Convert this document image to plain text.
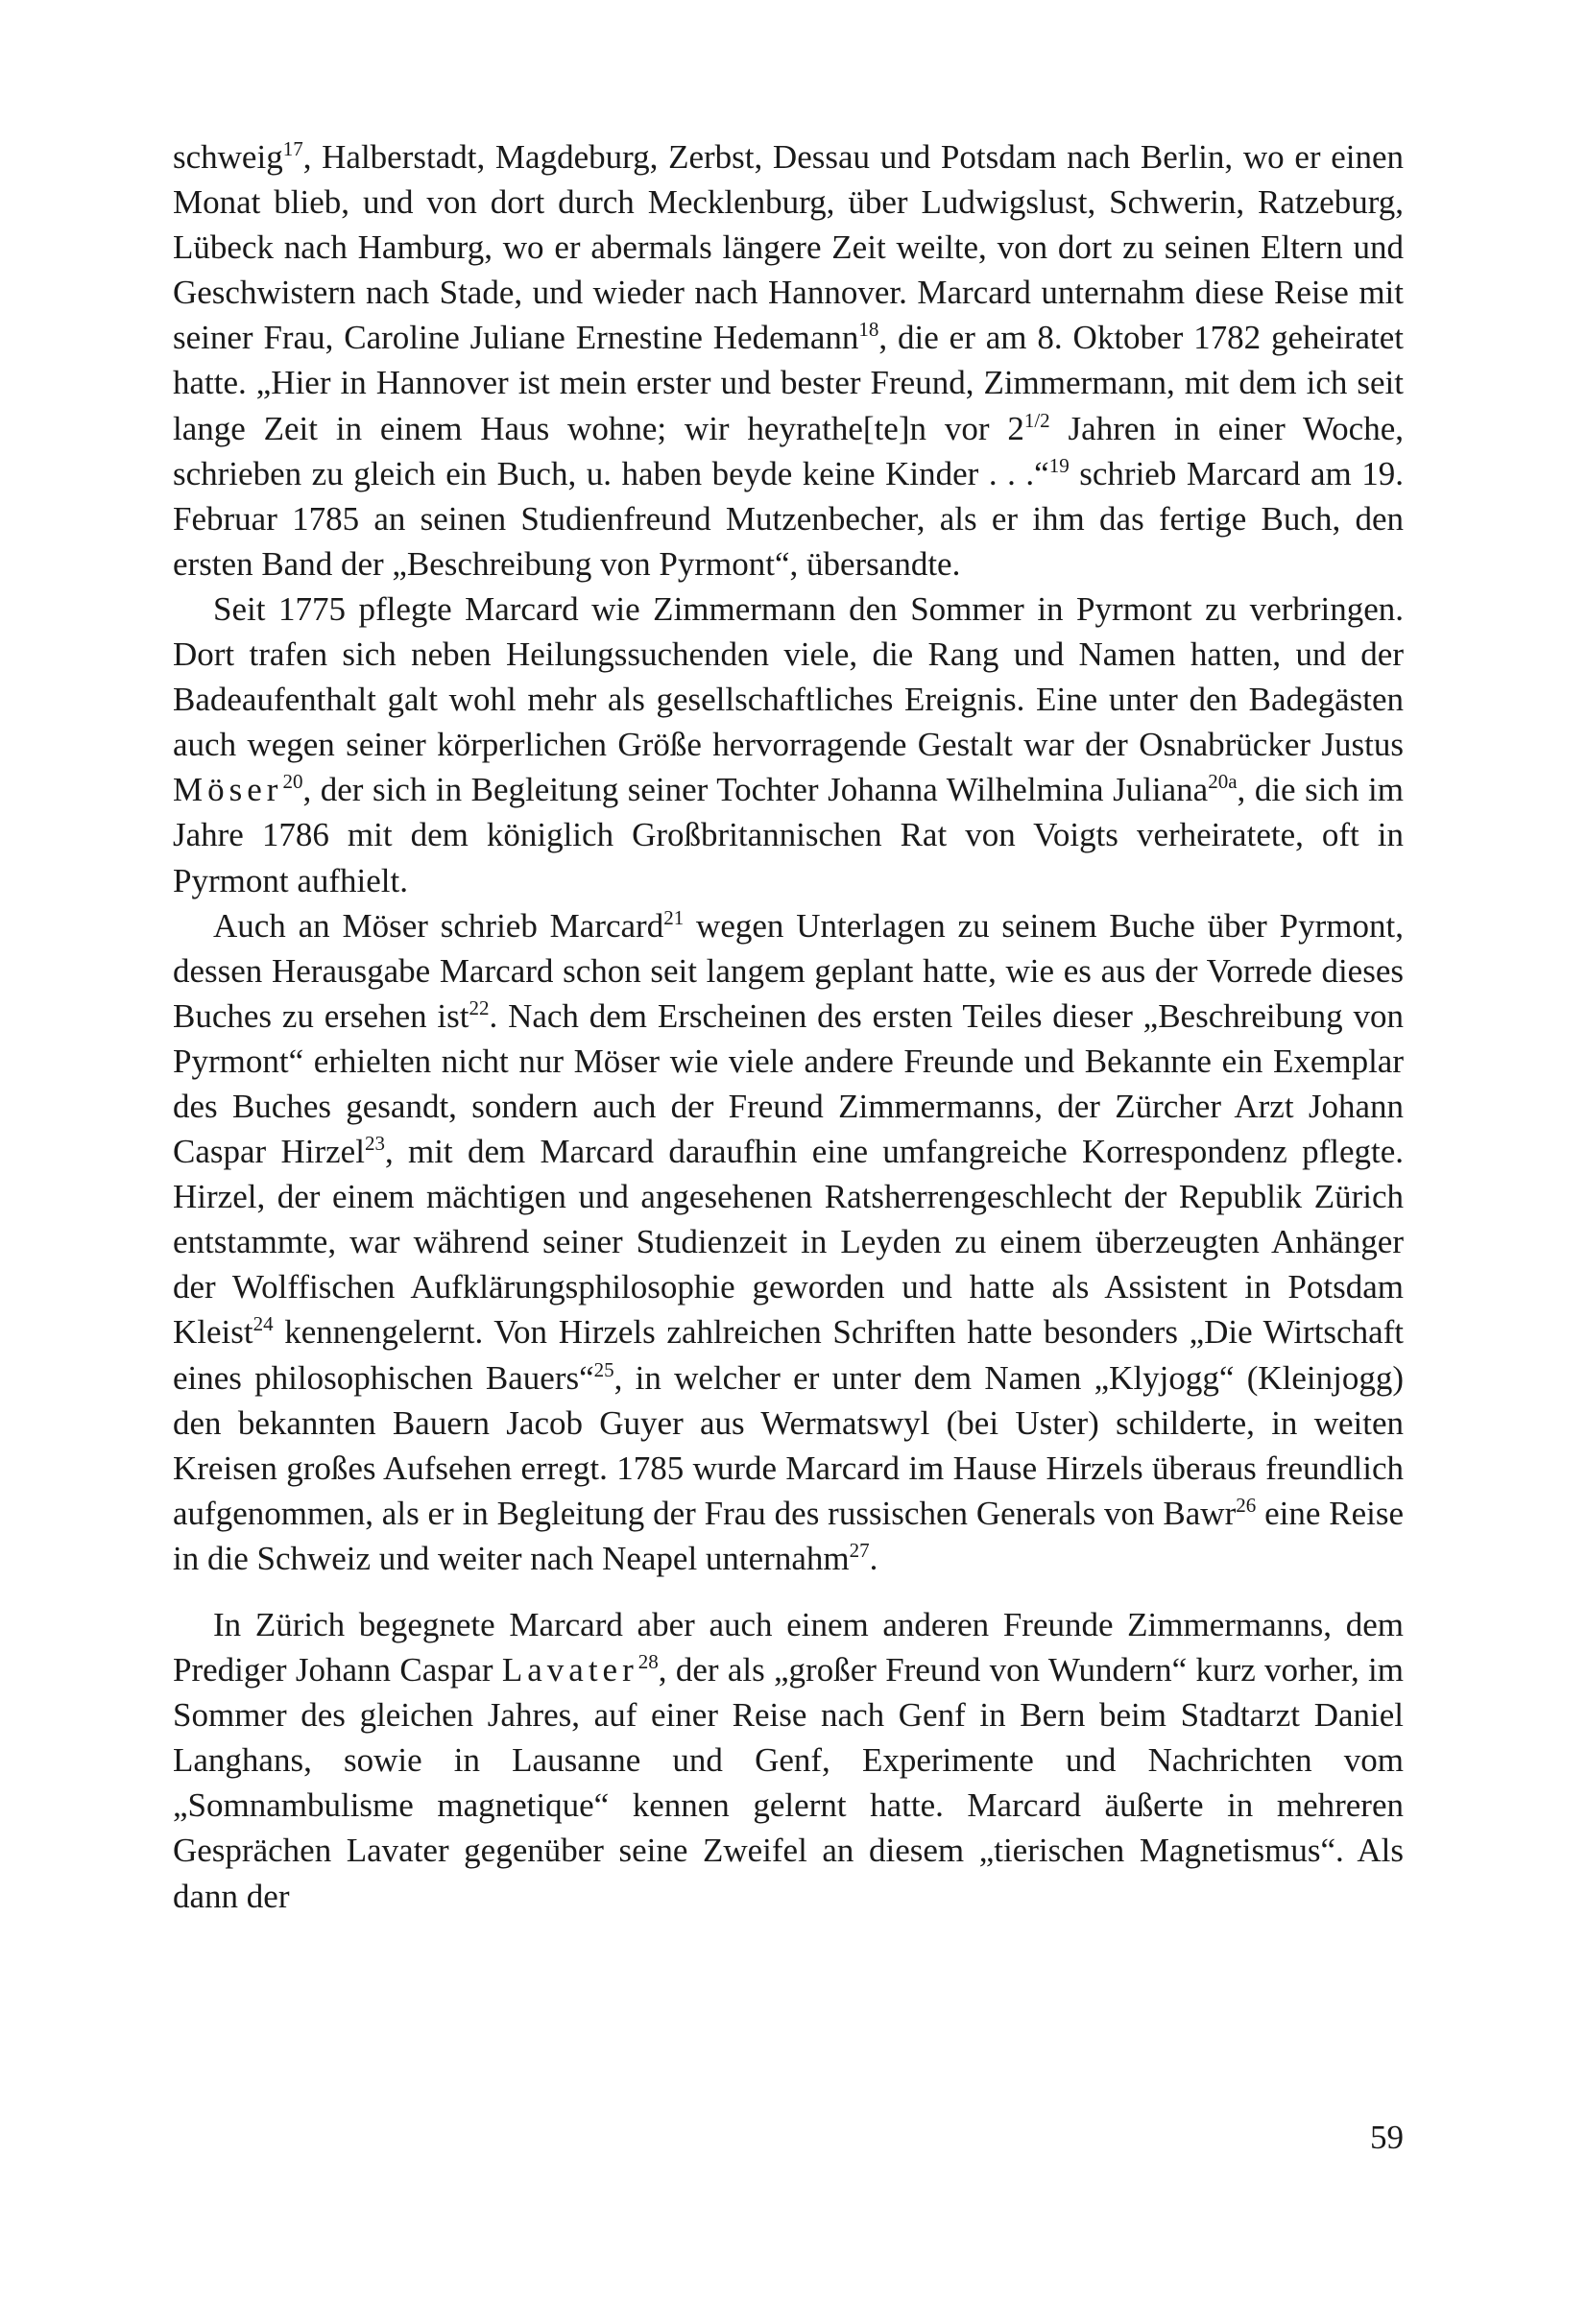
schweig$^{17}$, Halberstadt, Magdeburg, Zerbst, Dessau und Potsdam nach Berlin, wo er einen Monat blieb, und von dort durch Mecklenburg, über Ludwigslust, Schwerin, Ratzeburg, Lübeck nach Hamburg, wo er abermals längere Zeit weilte, von dort zu seinen Eltern und Geschwistern nach Stade, und wieder nach Hannover. Marcard unternahm diese Reise mit seiner Frau, Caroline Juliane Ernestine Hedemann$^{18}$, die er am 8. Oktober 1782 geheiratet hatte. „Hier in Hannover ist mein erster und bester Freund, Zimmermann, mit dem ich seit lange Zeit in einem Haus wohne; wir heyrathe[te]n vor $2^{1/2}$ Jahren in einer Woche, schrieben zu gleich ein Buch, u. haben beyde keine Kinder . . .“$^{19}$ schrieb Marcard am 19. Februar 1785 an seinen Studienfreund Mutzenbecher, als er ihm das fertige Buch, den ersten Band der „Beschreibung von Pyrmont“, übersandte.

Seit 1775 pflegte Marcard wie Zimmermann den Sommer in Pyrmont zu verbringen. Dort trafen sich neben Heilungssuchenden viele, die Rang und Namen hatten, und der Badeaufenthalt galt wohl mehr als gesellschaftliches Ereignis. Eine unter den Badegästen auch wegen seiner körperlichen Größe hervorragende Gestalt war der Osnabrücker Justus Möser$^{20}$, der sich in Begleitung seiner Tochter Johanna Wilhelmina Juliana$^{20a}$, die sich im Jahre 1786 mit dem königlich Großbritannischen Rat von Voigts verheiratete, oft in Pyrmont aufhielt.

Auch an Möser schrieb Marcard$^{21}$ wegen Unterlagen zu seinem Buche über Pyrmont, dessen Herausgabe Marcard schon seit langem geplant hatte, wie es aus der Vorrede dieses Buches zu ersehen ist$^{22}$. Nach dem Erscheinen des ersten Teiles dieser „Beschreibung von Pyrmont“ erhielten nicht nur Möser wie viele andere Freunde und Bekannte ein Exemplar des Buches gesandt, sondern auch der Freund Zimmermanns, der Zürcher Arzt Johann Caspar Hirzel$^{23}$, mit dem Marcard daraufhin eine umfangreiche Korrespondenz pflegte. Hirzel, der einem mächtigen und angesehenen Ratsherrengeschlecht der Republik Zürich entstammte, war während seiner Studienzeit in Leyden zu einem überzeugten Anhänger der Wolffischen Aufklärungsphilosophie geworden und hatte als Assistent in Potsdam Kleist$^{24}$ kennengelernt. Von Hirzels zahlreichen Schriften hatte besonders „Die Wirtschaft eines philosophischen Bauers“$^{25}$, in welcher er unter dem Namen „Klyjogg“ (Kleinjogg) den bekannten Bauern Jacob Guyer aus Wermatswyl (bei Uster) schilderte, in weiten Kreisen großes Aufsehen erregt. 1785 wurde Marcard im Hause Hirzels überaus freundlich aufgenommen, als er in Begleitung der Frau des russischen Generals von Bawr$^{26}$ eine Reise in die Schweiz und weiter nach Neapel unternahm$^{27}$.

In Zürich begegnete Marcard aber auch einem anderen Freunde Zimmermanns, dem Prediger Johann Caspar Lavater$^{28}$, der als „großer Freund von Wundern“ kurz vorher, im Sommer des gleichen Jahres, auf einer Reise nach Genf in Bern beim Stadtarzt Daniel Langhans, sowie in Lausanne und Genf, Experimente und Nachrichten vom „Somnambulisme magnetique“ kennen gelernt hatte. Marcard äußerte in mehreren Gesprächen Lavater gegenüber seine Zweifel an diesem „tierischen Magnetismus“. Als dann der

59
